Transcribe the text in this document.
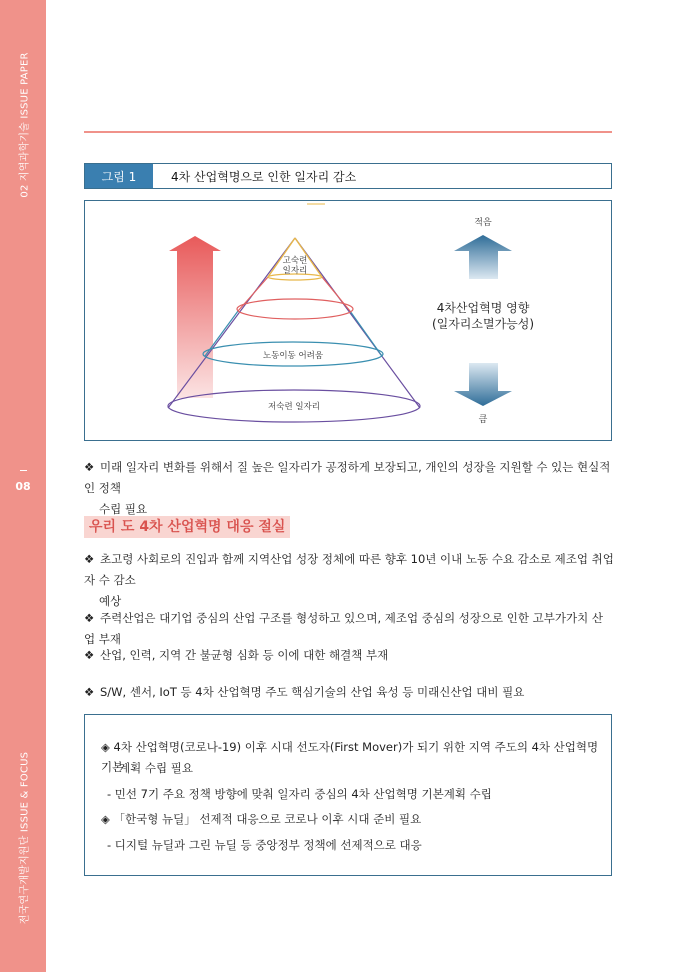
02 지역과학기술 ISSUE PAPER
08
전국연구개발지원단 ISSUE & FOCUS
그림 1	4차 산업혁명으로 인한 일자리 감소
고숙련
일자리
노동이동 어려움
저숙련 일자리
적음
큼
4차산업혁명 영향
(일자리소멸가능성)
❖ 미래 일자리 변화를 위해서 질 높은 일자리가 공정하게 보장되고, 개인의 성장을 지원할 수 있는 현실적인 정책
수립 필요
우리 도 4차 산업혁명 대응 절실
❖ 초고령 사회로의 진입과 함께 지역산업 성장 정체에 따른 향후 10년 이내 노동 수요 감소로 제조업 취업자 수 감소
예상
❖ 주력산업은 대기업 중심의 산업 구조를 형성하고 있으며, 제조업 중심의 성장으로 인한 고부가가치 산업 부재
❖ 산업, 인력, 지역 간 불균형 심화 등 이에 대한 해결책 부재
❖ S/W, 센서, IoT 등 4차 산업혁명 주도 핵심기술의 산업 육성 등 미래신산업 대비 필요
◈ 4차 산업혁명(코로나-19) 이후 시대 선도자(First Mover)가 되기 위한 지역 주도의 4차 산업혁명 기본
계획 수립 필요
- 민선 7기 주요 정책 방향에 맞춰 일자리 중심의 4차 산업혁명 기본계획 수립
◈ 「한국형 뉴딜」 선제적 대응으로 코로나 이후 시대 준비 필요
- 디지털 뉴딜과 그린 뉴딜 등 중앙정부 정책에 선제적으로 대응
